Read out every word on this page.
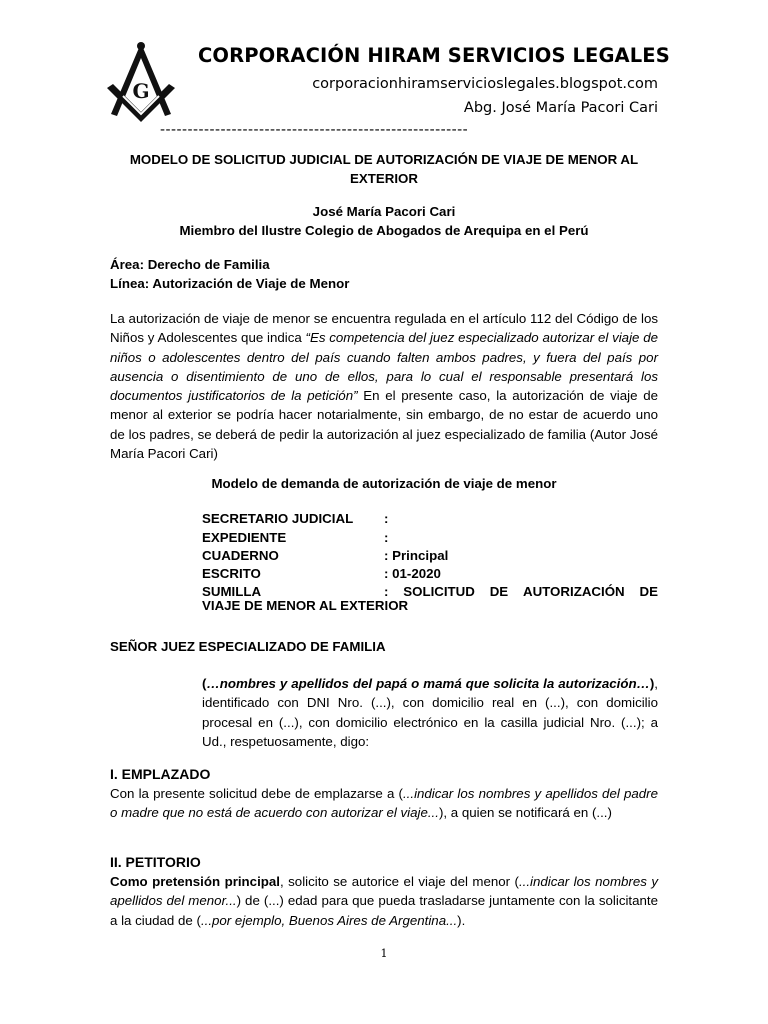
G
CORPORACIÓN HIRAM SERVICIOS LEGALES
corporacionhiramservicioslegales.blogspot.com
Abg. José María Pacori Cari
--------------------------------------------------------
MODELO DE SOLICITUD JUDICIAL DE AUTORIZACIÓN DE VIAJE DE MENOR AL EXTERIOR
José María Pacori Cari
Miembro del Ilustre Colegio de Abogados de Arequipa en el Perú
Área: Derecho de Familia
Línea: Autorización de Viaje de Menor
La autorización de viaje de menor se encuentra regulada en el artículo 112 del Código de los Niños y Adolescentes que indica “Es competencia del juez especializado autorizar el viaje de niños o adolescentes dentro del país cuando falten ambos padres, y fuera del país por ausencia o disentimiento de uno de ellos, para lo cual el responsable presentará los documentos justificatorios de la petición” En el presente caso, la autorización de viaje de menor al exterior se podría hacer notarialmente, sin embargo, de no estar de acuerdo uno de los padres, se deberá de pedir la autorización al juez especializado de familia (Autor José María Pacori Cari)
Modelo de demanda de autorización de viaje de menor
SECRETARIO JUDICIAL :
EXPEDIENTE	:
CUADERNO	: Principal
ESCRITO	: 01-2020
SUMILLA	: SOLICITUD DE AUTORIZACIÓN DE
VIAJE DE MENOR AL EXTERIOR
SEÑOR JUEZ ESPECIALIZADO DE FAMILIA
(…nombres y apellidos del papá o mamá que solicita la autorización…), identificado con DNI Nro. (...), con domicilio real en (...), con domicilio procesal en (...), con domicilio electrónico en la casilla judicial Nro. (...); a Ud., respetuosamente, digo:
I. EMPLAZADO
Con la presente solicitud debe de emplazarse a (...indicar los nombres y apellidos del padre o madre que no está de acuerdo con autorizar el viaje...), a quien se notificará en (...)
II. PETITORIO
Como pretensión principal, solicito se autorice el viaje del menor (...indicar los nombres y apellidos del menor...) de (...) edad para que pueda trasladarse juntamente con la solicitante a la ciudad de (...por ejemplo, Buenos Aires de Argentina...).
1
